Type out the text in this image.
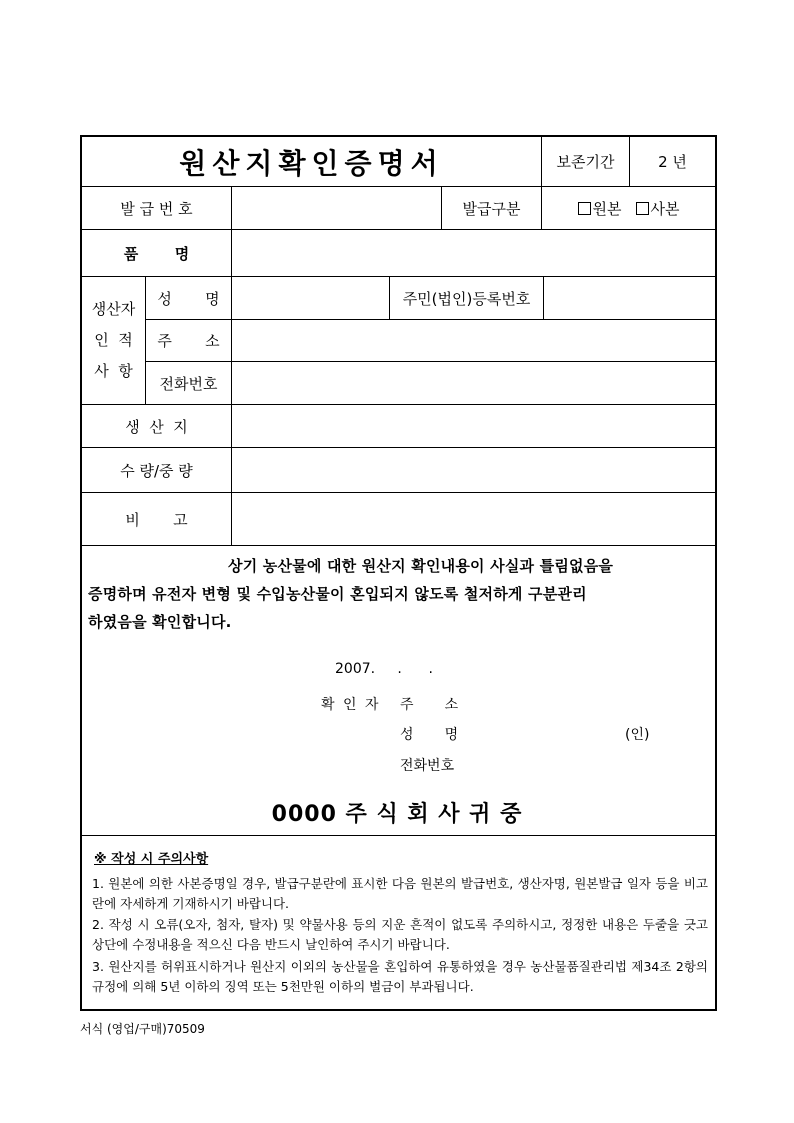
원산지확인증명서	보존기간	2 년
발 급 번 호	발급구분	원본	사본
품       명
생산자
인  적
사  항
성       명	주민(법인)등록번호
주       소
전화번호
생  산  지
수 량/중 량
비       고
상기 농산물에 대한 원산지 확인내용이 사실과 틀림없음을
증명하며 유전자 변형 및 수입농산물이 혼입되지 않도록 철저하게 구분관리
하였음을 확인합니다.
2007.     .      .
확 인 자 주       소
성       명	(인)
전화번호
0000 주 식 회 사 귀 중
※ 작성 시 주의사항
1. 원본에 의한 사본증명일 경우, 발급구분란에 표시한 다음 원본의 발급번호, 생산자명, 원본발급 일자 등을 비고란에 자세하게 기재하시기 바랍니다.
2. 작성 시 오류(오자, 첨자, 탈자) 및 약물사용 등의 지운 흔적이 없도록 주의하시고, 정정한 내용은 두줄을 긋고 상단에 수정내용을 적으신 다음 반드시 날인하여 주시기 바랍니다.
3. 원산지를 허위표시하거나 원산지 이외의 농산물을 혼입하여 유통하였을 경우 농산물품질관리법 제34조 2항의 규정에 의해 5년 이하의 징역 또는 5천만원 이하의 벌금이 부과됩니다.
서식 (영업/구매)70509
